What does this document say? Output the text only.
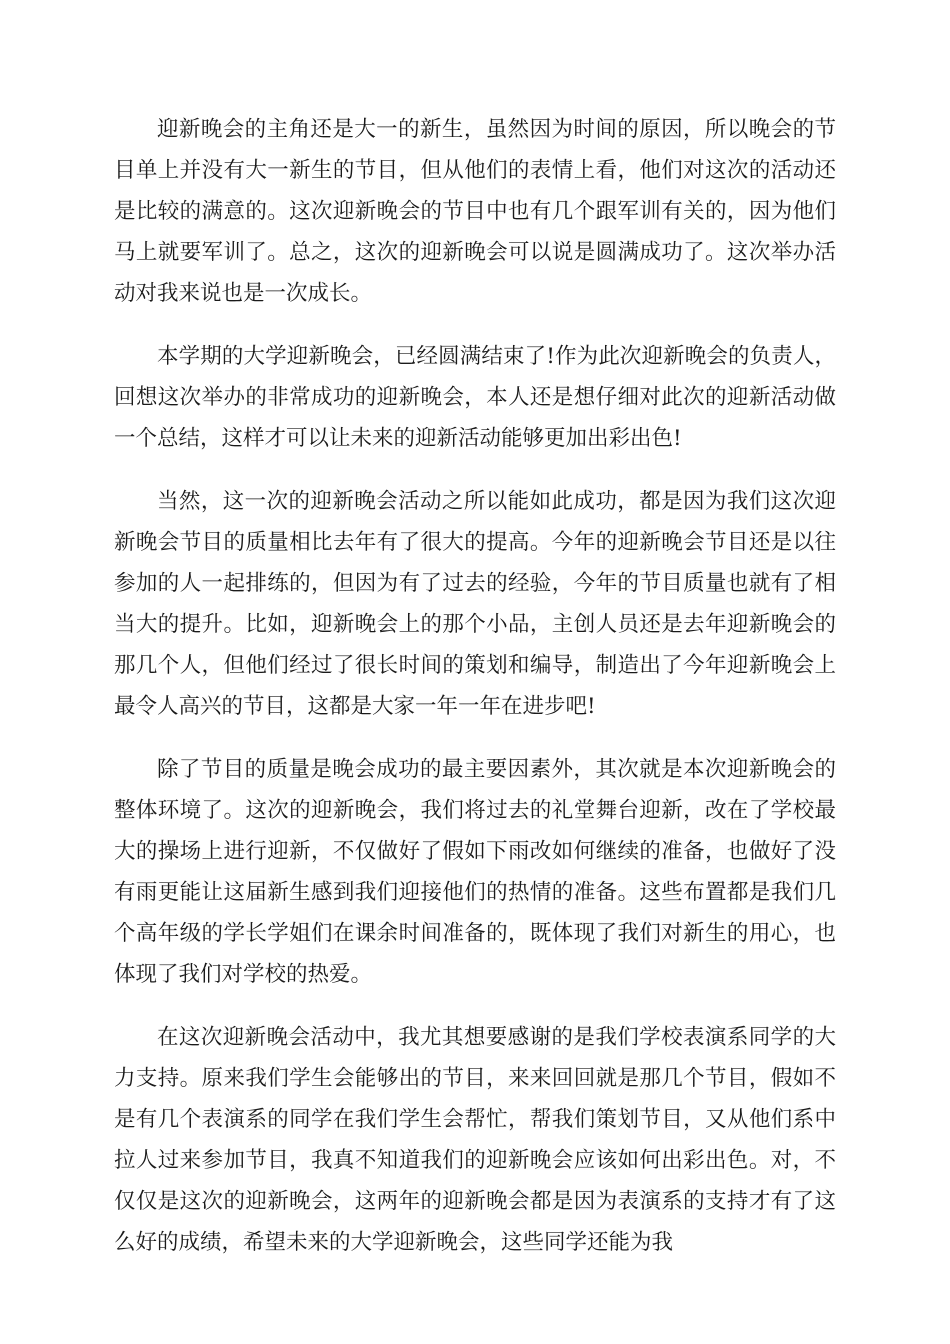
迎新晚会的主角还是大一的新生，虽然因为时间的原因，所以晚会的节目单上并没有大一新生的节目，但从他们的表情上看，他们对这次的活动还是比较的满意的。这次迎新晚会的节目中也有几个跟军训有关的，因为他们马上就要军训了。总之，这次的迎新晚会可以说是圆满成功了。这次举办活动对我来说也是一次成长。

本学期的大学迎新晚会，已经圆满结束了!作为此次迎新晚会的负责人，回想这次举办的非常成功的迎新晚会，本人还是想仔细对此次的迎新活动做一个总结，这样才可以让未来的迎新活动能够更加出彩出色!

当然，这一次的迎新晚会活动之所以能如此成功，都是因为我们这次迎新晚会节目的质量相比去年有了很大的提高。今年的迎新晚会节目还是以往参加的人一起排练的，但因为有了过去的经验，今年的节目质量也就有了相当大的提升。比如，迎新晚会上的那个小品，主创人员还是去年迎新晚会的那几个人，但他们经过了很长时间的策划和编导，制造出了今年迎新晚会上最令人高兴的节目，这都是大家一年一年在进步吧!

除了节目的质量是晚会成功的最主要因素外，其次就是本次迎新晚会的整体环境了。这次的迎新晚会，我们将过去的礼堂舞台迎新，改在了学校最大的操场上进行迎新，不仅做好了假如下雨改如何继续的准备，也做好了没有雨更能让这届新生感到我们迎接他们的热情的准备。这些布置都是我们几个高年级的学长学姐们在课余时间准备的，既体现了我们对新生的用心，也体现了我们对学校的热爱。

在这次迎新晚会活动中，我尤其想要感谢的是我们学校表演系同学的大力支持。原来我们学生会能够出的节目，来来回回就是那几个节目，假如不是有几个表演系的同学在我们学生会帮忙，帮我们策划节目，又从他们系中拉人过来参加节目，我真不知道我们的迎新晚会应该如何出彩出色。对，不仅仅是这次的迎新晚会，这两年的迎新晚会都是因为表演系的支持才有了这么好的成绩，希望未来的大学迎新晚会，这些同学还能为我
